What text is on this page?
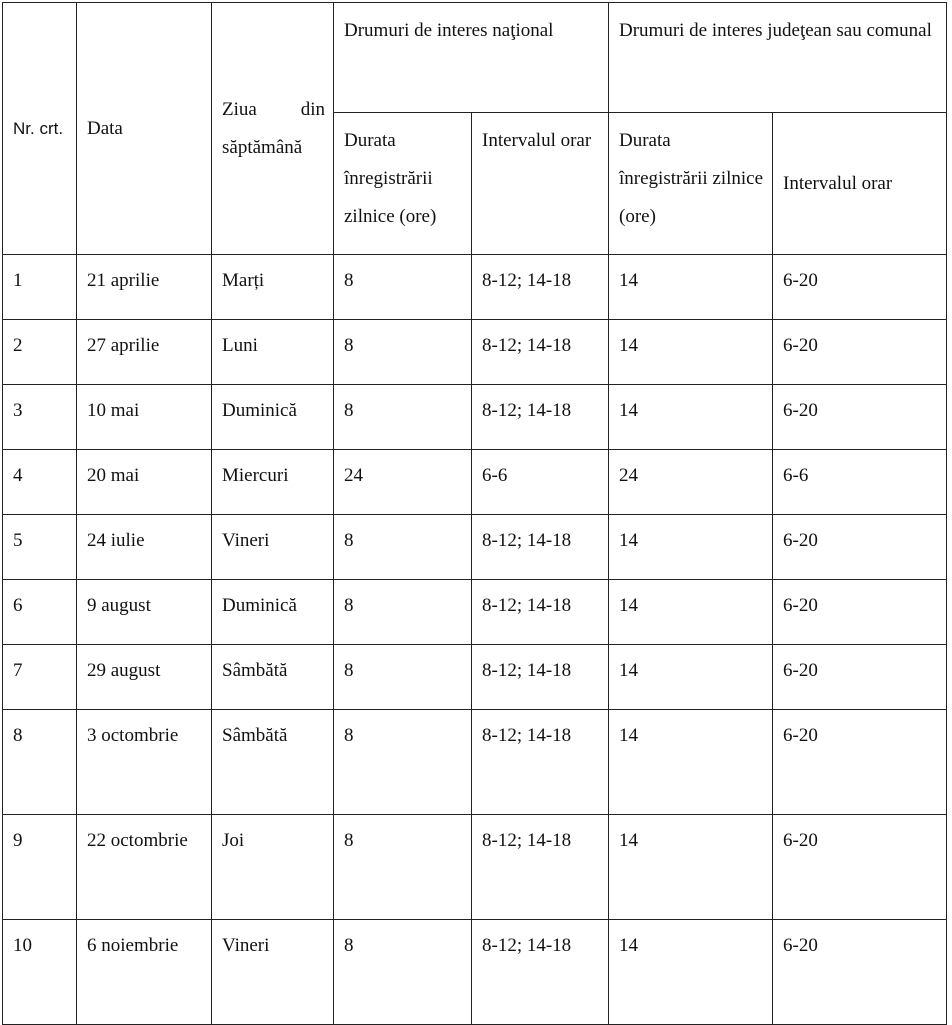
Nr. crt.	Data	Ziua din săptămână	Drumuri de interes naţional		Drumuri de interes judeţean sau comunal	
			Durata înregistrării zilnice (ore)	Intervalul orar	Durata înregistrării zilnice (ore)	Intervalul orar
1	21 aprilie	Marți	8	8-12; 14-18	14	6-20
2	27 aprilie	Luni	8	8-12; 14-18	14	6-20
3	10 mai	Duminică	8	8-12; 14-18	14	6-20
4	20 mai	Miercuri	24	6-6	24	6-6
5	24 iulie	Vineri	8	8-12; 14-18	14	6-20
6	9 august	Duminică	8	8-12; 14-18	14	6-20
7	29 august	Sâmbătă	8	8-12; 14-18	14	6-20
8	3 octombrie	Sâmbătă	8	8-12; 14-18	14	6-20
9	22 octombrie	Joi	8	8-12; 14-18	14	6-20
10	6 noiembrie	Vineri	8	8-12; 14-18	14	6-20
